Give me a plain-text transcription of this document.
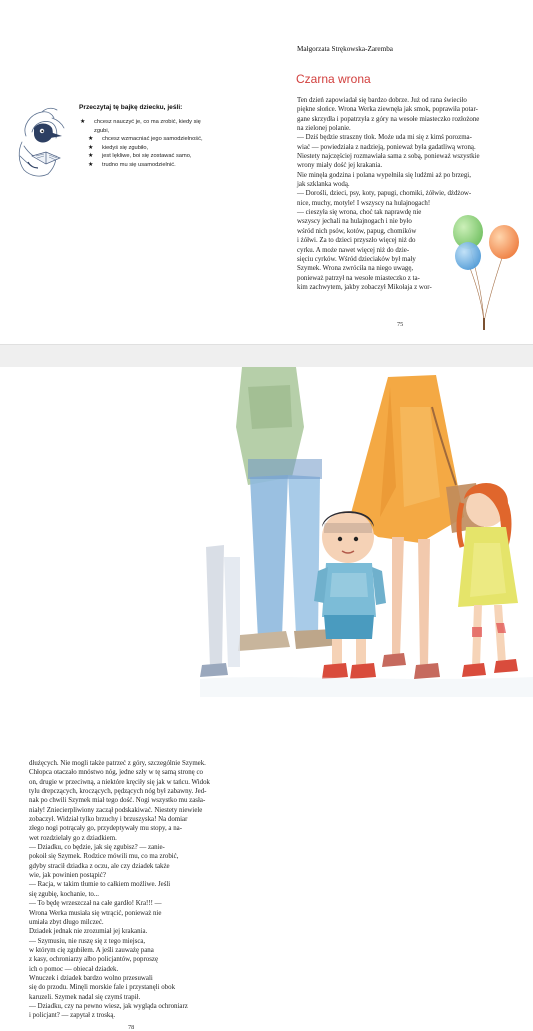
Przeczytaj tę bajkę dziecku, jeśli:
★ chcesz nauczyć je, co ma zrobić, kiedy się
zgubi,
★ chcesz wzmacniać jego samodzielność,
★ kiedyś się zgubiło,
★ jest lękliwe, boi się zostawać samo,
★ trudno mu się usamodzielnić.
Małgorzata Strękowska-Zaremba
Czarna wrona
Ten dzień zapowiadał się bardzo dobrze. Już od rana świeciło
piękne słońce. Wrona Werka ziewnęła jak smok, poprawiła potar-
gane skrzydła i popatrzyła z góry na wesołe miasteczko rozłożone
na zielonej polanie.
— Dziś będzie straszny tłok. Może uda mi się z kimś porozma-
wiać — powiedziała z nadzieją, ponieważ była gadatliwą wroną.
Niestety najczęściej rozmawiała sama z sobą, ponieważ wszystkie
wrony miały dość jej krakania.
Nie minęła godzina i polana wypełniła się ludźmi aż po brzegi,
jak szklanka wodą.
— Dorośli, dzieci, psy, koty, papugi, chomiki, żółwie, dżdżow-
nice, muchy, motyle! I wszyscy na hulajnogach!
— cieszyła się wrona, choć tak naprawdę nie
wszyscy jechali na hulajnogach i nie było
wśród nich psów, kotów, papug, chomików
i żółwi. Za to dzieci przyszło więcej niż do
cyrku. A może nawet więcej niż do dzie-
sięciu cyrków. Wśród dzieciaków był mały
Szymek. Wrona zwróciła na niego uwagę,
ponieważ patrzył na wesołe miasteczko z ta-
kim zachwytem, jakby zobaczył Mikołaja z wor-
75
dłużęcych. Nie mogli także patrzeć z góry, szczególnie Szymek.
Chłopca otaczało mnóstwo nóg, jedne szły w tę samą stronę co
on, drugie w przeciwną, a niektóre kręciły się jak w tańcu. Widok
tylu drepczących, kroczących, pędzących nóg był zabawny. Jed-
nak po chwili Szymek miał tego dość. Nogi wszystko mu zasła-
niały! Zniecierpliwiony zaczął podskakiwać. Niestety niewiele
zobaczył. Widział tylko brzuchy i brzuszyska! Na domiar
złego nogi potrącały go, przydeptywały mu stopy, a na-
wet rozdzielały go z dziadkiem.
— Dziadku, co będzie, jak się zgubisz? — zanie-
pokoił się Szymek. Rodzice mówili mu, co ma zrobić,
gdyby stracił dziadka z oczu, ale czy dziadek także
wie, jak powinien postąpić?
— Racja, w takim tłumie to całkiem możliwe. Jeśli
się zgubię, kochanie, to...
— To będę wrzeszczał na całe gardło! Kra!!! —
Wrona Werka musiała się wtrącić, ponieważ nie
umiała zbyt długo milczeć.
Dziadek jednak nie zrozumiał jej krakania.
— Szymusiu, nie ruszę się z tego miejsca,
w którym cię zgubiłem. A jeśli zauważę pana
z kasy, ochroniarzy albo policjantów, poproszę
ich o pomoc — obiecał dziadek.
Wnuczek i dziadek bardzo wolno przesuwali
się do przodu. Minęli morskie fale i przystanęli obok
karuzeli. Szymek nadal się czymś trapił.
— Dziadku, czy na pewno wiesz, jak wygląda ochroniarz
i policjant? — zapytał z troską.
78
